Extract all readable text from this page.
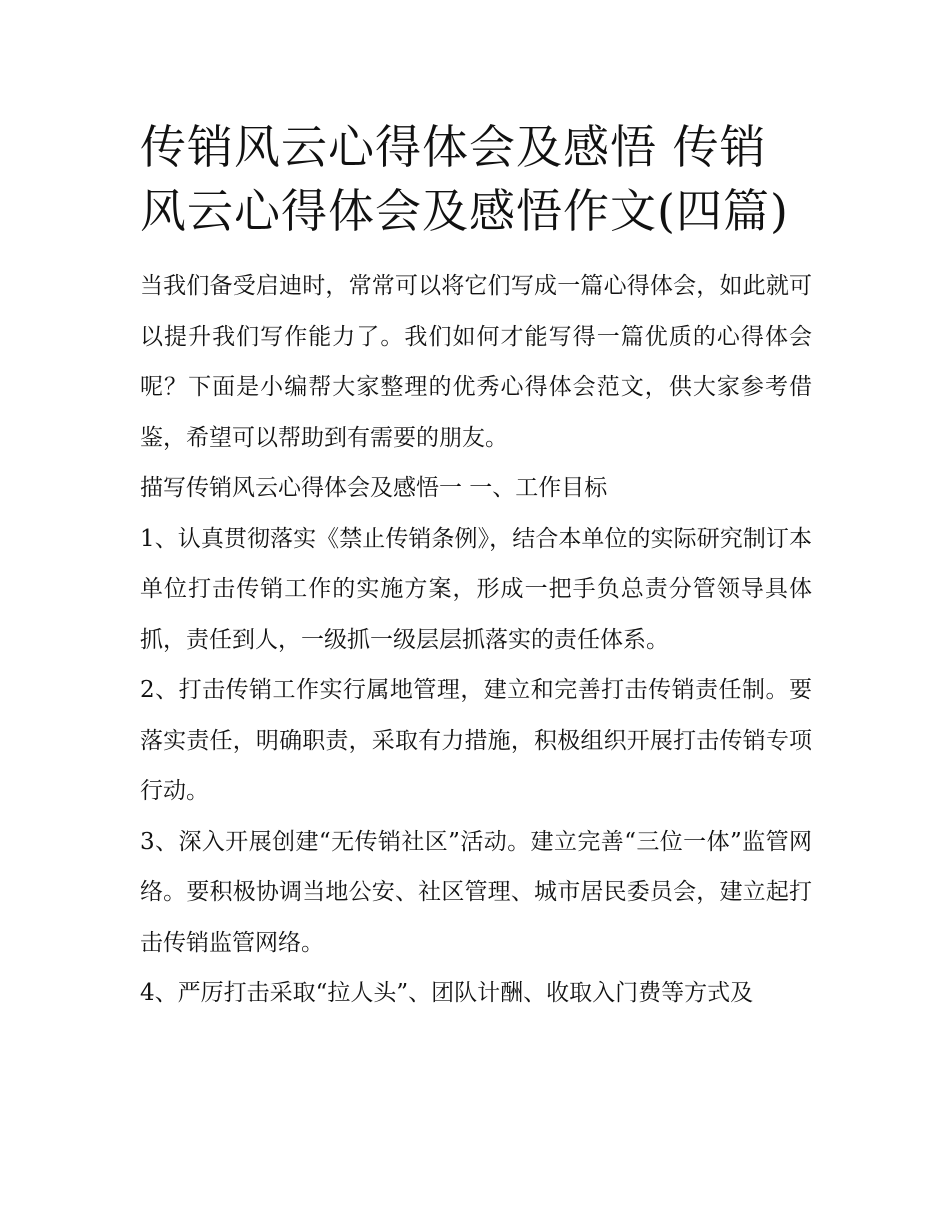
传销风云心得体会及感悟 传销风云心得体会及感悟作文(四篇)

当我们备受启迪时，常常可以将它们写成一篇心得体会，如此就可以提升我们写作能力了。我们如何才能写得一篇优质的心得体会呢？下面是小编帮大家整理的优秀心得体会范文，供大家参考借鉴，希望可以帮助到有需要的朋友。

描写传销风云心得体会及感悟一 一、工作目标

1、认真贯彻落实《禁止传销条例》，结合本单位的实际研究制订本单位打击传销工作的实施方案，形成一把手负总责分管领导具体抓，责任到人，一级抓一级层层抓落实的责任体系。

2、打击传销工作实行属地管理，建立和完善打击传销责任制。要落实责任，明确职责，采取有力措施，积极组织开展打击传销专项行动。

3、深入开展创建“无传销社区”活动。建立完善“三位一体”监管网络。要积极协调当地公安、社区管理、城市居民委员会，建立起打击传销监管网络。

4、严厉打击采取“拉人头”、团队计酬、收取入门费等方式及
